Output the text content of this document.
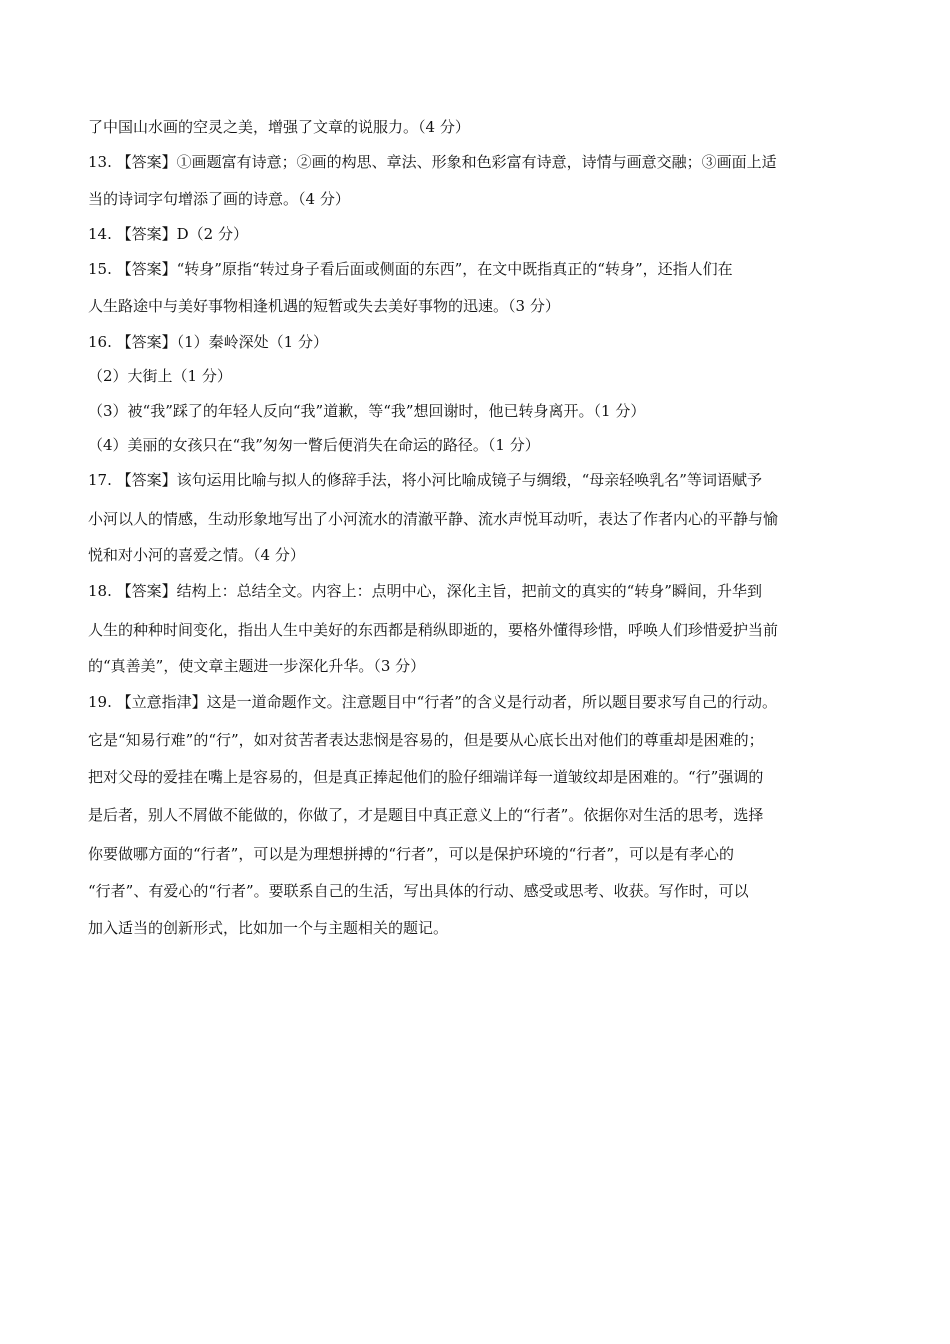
了中国山水画的空灵之美，增强了文章的说服力。（4 分）
13. 【答案】①画题富有诗意；②画的构思、章法、形象和色彩富有诗意，诗情与画意交融；③画面上适
当的诗词字句增添了画的诗意。（4 分）
14. 【答案】D（2 分）
15. 【答案】“转身”原指“转过身子看后面或侧面的东西”，在文中既指真正的“转身”，还指人们在
人生路途中与美好事物相逢机遇的短暂或失去美好事物的迅速。（3 分）
16. 【答案】（1）秦岭深处（1 分）
（2）大街上（1 分）
（3）被“我”踩了的年轻人反向“我”道歉，等“我”想回谢时，他已转身离开。（1 分）
（4）美丽的女孩只在“我”匆匆一瞥后便消失在命运的路径。（1 分）
17. 【答案】该句运用比喻与拟人的修辞手法，将小河比喻成镜子与绸缎，“母亲轻唤乳名”等词语赋予
小河以人的情感，生动形象地写出了小河流水的清澈平静、流水声悦耳动听，表达了作者内心的平静与愉
悦和对小河的喜爱之情。（4 分）
18. 【答案】结构上：总结全文。内容上：点明中心，深化主旨，把前文的真实的“转身”瞬间，升华到
人生的种种时间变化，指出人生中美好的东西都是稍纵即逝的，要格外懂得珍惜，呼唤人们珍惜爱护当前
的“真善美”，使文章主题进一步深化升华。（3 分）
19. 【立意指津】这是一道命题作文。注意题目中“行者”的含义是行动者，所以题目要求写自己的行动。
它是“知易行难”的“行”，如对贫苦者表达悲悯是容易的，但是要从心底长出对他们的尊重却是困难的；
把对父母的爱挂在嘴上是容易的，但是真正捧起他们的脸仔细端详每一道皱纹却是困难的。“行”强调的
是后者，别人不屑做不能做的，你做了，才是题目中真正意义上的“行者”。依据你对生活的思考，选择
你要做哪方面的“行者”，可以是为理想拼搏的“行者”，可以是保护环境的“行者”，可以是有孝心的
“行者”、有爱心的“行者”。要联系自己的生活，写出具体的行动、感受或思考、收获。写作时，可以
加入适当的创新形式，比如加一个与主题相关的题记。
